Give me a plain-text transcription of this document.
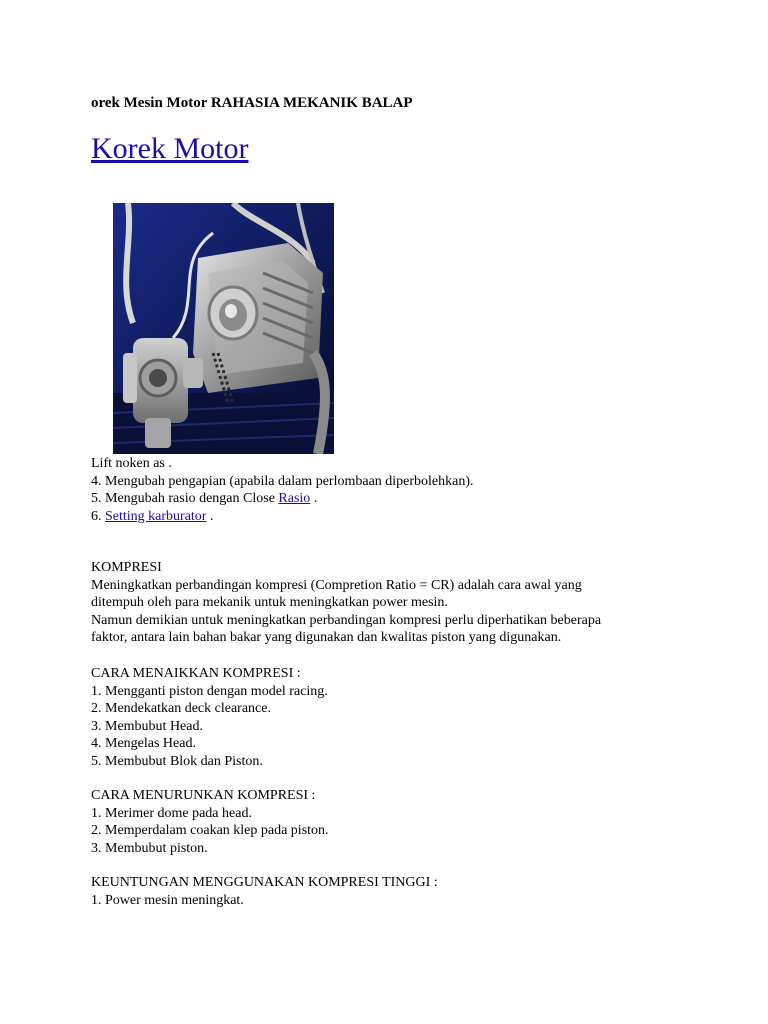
orek Mesin Motor RAHASIA MEKANIK BALAP

Korek Motor

Lift noken as .

4. Mengubah pengapian (apabila dalam perlombaan diperbolehkan).

5. Mengubah rasio dengan Close Rasio .

6. Setting karburator .

KOMPRESI

Meningkatkan perbandingan kompresi (Compretion Ratio = CR) adalah cara awal yang

ditempuh oleh para mekanik untuk meningkatkan power mesin.

Namun demikian untuk meningkatkan perbandingan kompresi perlu diperhatikan beberapa

faktor, antara lain bahan bakar yang digunakan dan kwalitas piston yang digunakan.

CARA MENAIKKAN KOMPRESI :

1. Mengganti piston dengan model racing.

2. Mendekatkan deck clearance.

3. Membubut Head.

4. Mengelas Head.

5. Membubut Blok dan Piston.

CARA MENURUNKAN KOMPRESI :

1. Merimer dome pada head.

2. Memperdalam coakan klep pada piston.

3. Membubut piston.

KEUNTUNGAN MENGGUNAKAN KOMPRESI TINGGI :

1. Power mesin meningkat.
